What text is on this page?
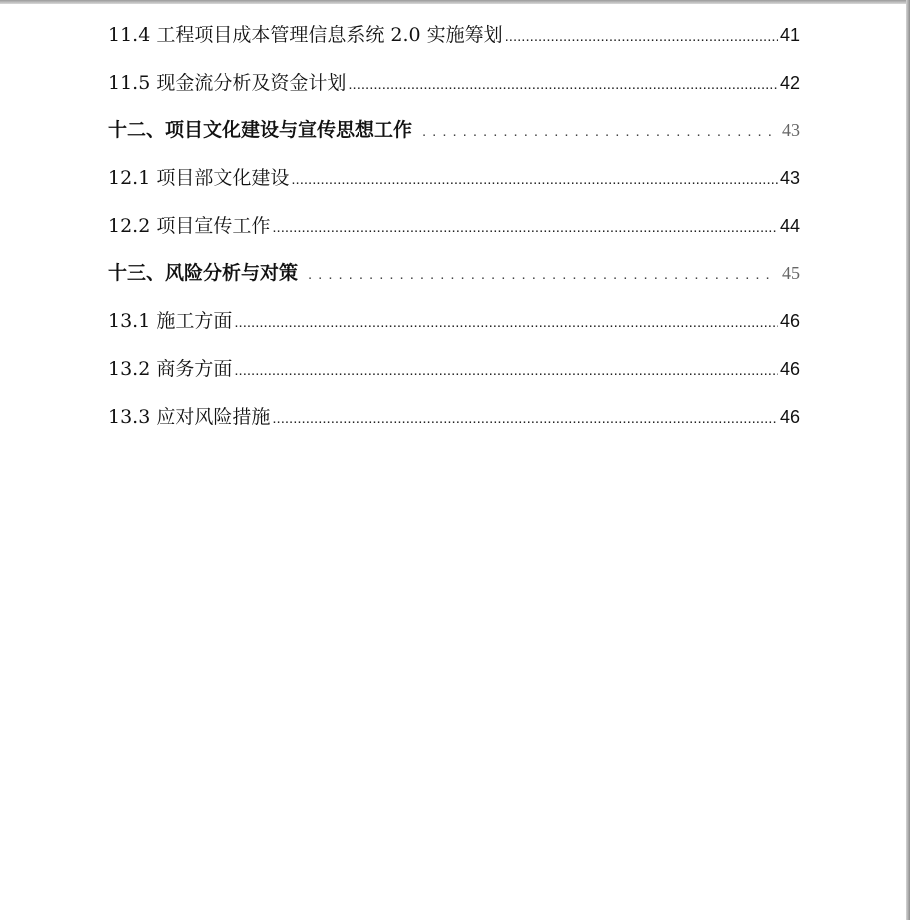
11.4 工程项目成本管理信息系统 2.0 实施筹划 .....	41
11.5 现金流分析及资金计划 .....	42
十二、项目文化建设与宣传思想工作 .....	43
12.1 项目部文化建设 .....	43
12.2 项目宣传工作 .....	44
十三、风险分析与对策 .....	45
13.1 施工方面 .....	46
13.2 商务方面 .....	46
13.3 应对风险措施 .....	46
